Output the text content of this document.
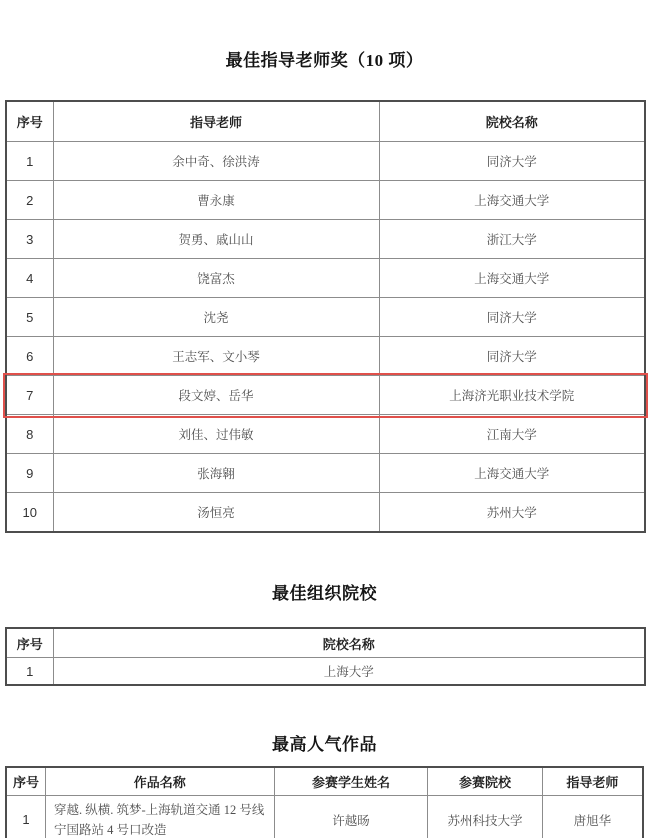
最佳指导老师奖（10 项）
序号	指导老师	院校名称
1	余中奇、徐洪涛	同济大学
2	曹永康	上海交通大学
3	贺勇、戚山山	浙江大学
4	饶富杰	上海交通大学
5	沈尧	同济大学
6	王志军、文小琴	同济大学
7	段文婷、岳华	上海济光职业技术学院
8	刘佳、过伟敏	江南大学
9	张海翱	上海交通大学
10	汤恒亮	苏州大学
最佳组织院校
序号	院校名称
1	上海大学
最高人气作品
序号	作品名称	参赛学生姓名	参赛院校	指导老师
1	穿越. 纵横. 筑梦-上海轨道交通 12 号线宁国路站 4 号口改造	许越旸	苏州科技大学	唐旭华
